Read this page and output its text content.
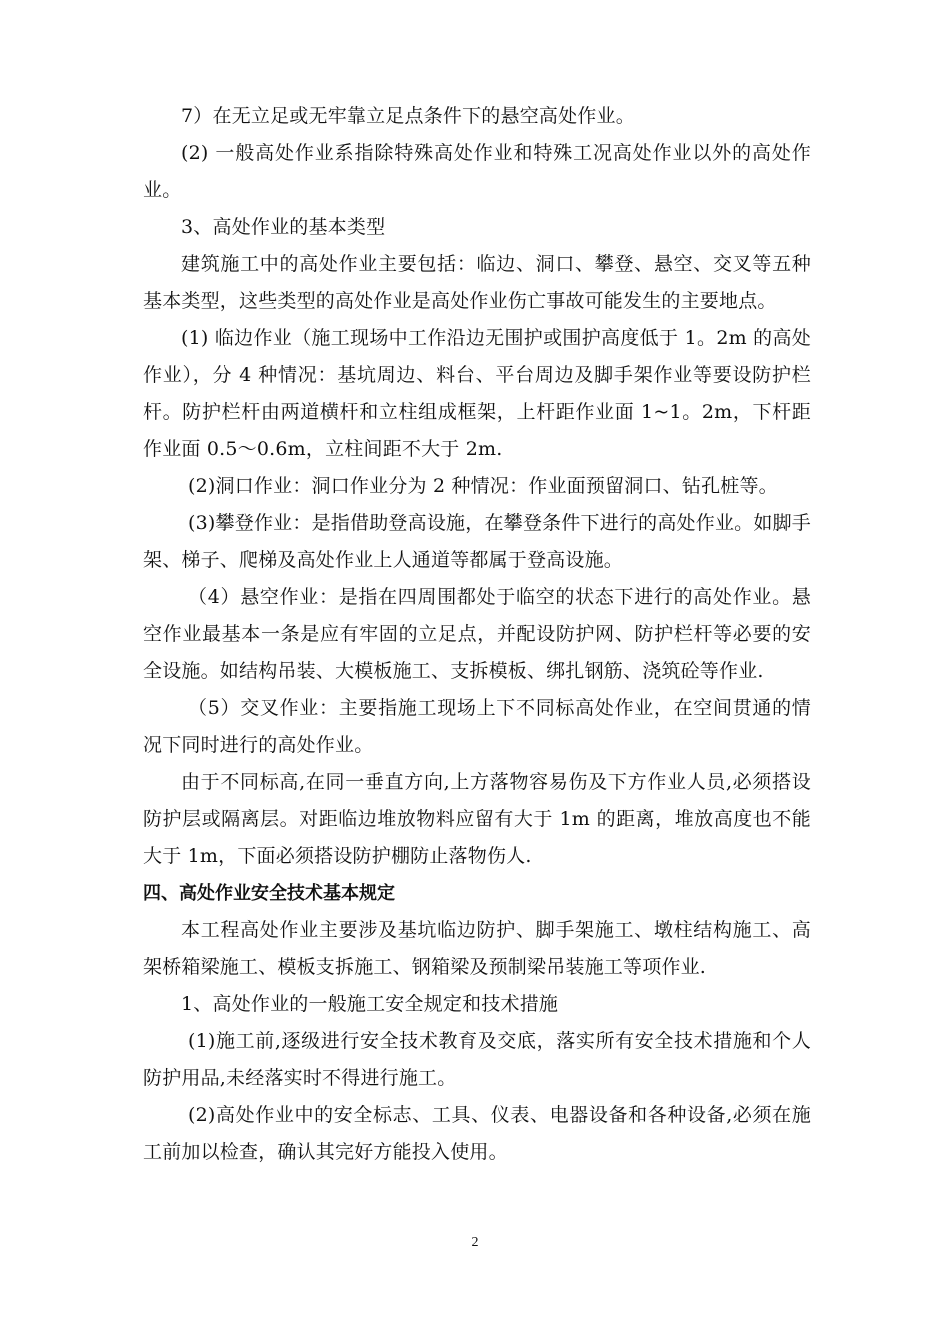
7）在无立足或无牢靠立足点条件下的悬空高处作业。

(2) 一般高处作业系指除特殊高处作业和特殊工况高处作业以外的高处作业。

3、高处作业的基本类型

建筑施工中的高处作业主要包括：临边、洞口、攀登、悬空、交叉等五种基本类型，这些类型的高处作业是高处作业伤亡事故可能发生的主要地点。

(1) 临边作业（施工现场中工作沿边无围护或围护高度低于 1。2m 的高处作业），分 4 种情况：基坑周边、料台、平台周边及脚手架作业等要设防护栏杆。防护栏杆由两道横杆和立柱组成框架，上杆距作业面 1~1。2m，下杆距作业面 0.5～0.6m，立柱间距不大于 2m.

(2)洞口作业：洞口作业分为 2 种情况：作业面预留洞口、钻孔桩等。

(3)攀登作业：是指借助登高设施，在攀登条件下进行的高处作业。如脚手架、梯子、爬梯及高处作业上人通道等都属于登高设施。

（4）悬空作业：是指在四周围都处于临空的状态下进行的高处作业。悬空作业最基本一条是应有牢固的立足点，并配设防护网、防护栏杆等必要的安全设施。如结构吊装、大模板施工、支拆模板、绑扎钢筋、浇筑砼等作业.

（5）交叉作业：主要指施工现场上下不同标高处作业，在空间贯通的情况下同时进行的高处作业。

由于不同标高,在同一垂直方向,上方落物容易伤及下方作业人员,必须搭设防护层或隔离层。对距临边堆放物料应留有大于 1m 的距离，堆放高度也不能大于 1m，下面必须搭设防护棚防止落物伤人.

四、高处作业安全技术基本规定

本工程高处作业主要涉及基坑临边防护、脚手架施工、墩柱结构施工、高架桥箱梁施工、模板支拆施工、钢箱梁及预制梁吊装施工等项作业.

1、高处作业的一般施工安全规定和技术措施

(1)施工前,逐级进行安全技术教育及交底，落实所有安全技术措施和个人防护用品,未经落实时不得进行施工。

(2)高处作业中的安全标志、工具、仪表、电器设备和各种设备,必须在施工前加以检查，确认其完好方能投入使用。

2
